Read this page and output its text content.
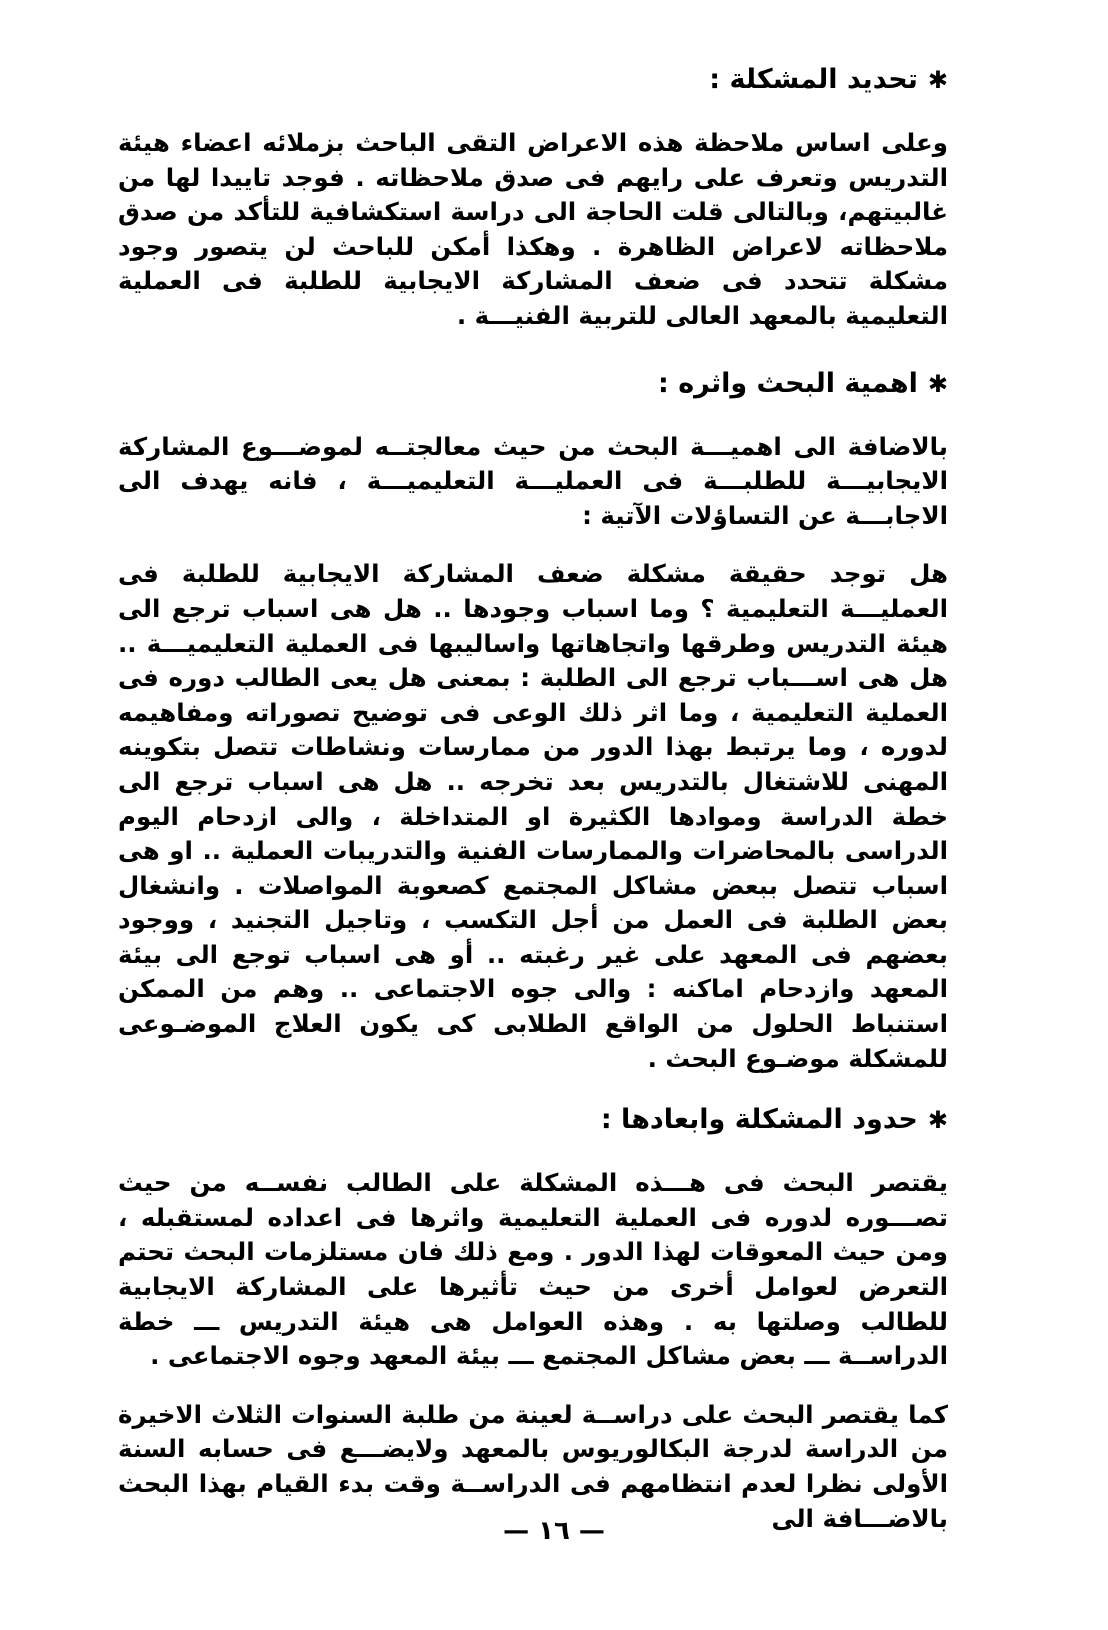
✱
تحديد المشكلة :

وعلى اساس ملاحظة هذه الاعراض التقى الباحث بزملائه اعضاء هيئة التدريس وتعرف على رايهم فى صدق ملاحظاته . فوجد تاييدا لها من غالبيتهم، وبالتالى قلت الحاجة الى دراسة استكشافية للتأكد من صدق ملاحظاته لاعراض الظاهرة . وهكذا أمكن للباحث لن يتصور وجود مشكلة تتحدد فى ضعف المشاركة الايجابية للطلبة فى العملية التعليمية بالمعهد العالى للتربية الفنيـــة .

✱
اهمية البحث واثره :

بالاضافة الى اهميـــة البحث من حيث معالجتــه لموضـــوع المشاركة الايجابيـــة للطلبـــة فى العمليـــة التعليميـــة ، فانه يهدف الى الاجابـــة عن التساؤلات الآتية :

هل توجد حقيقة مشكلة ضعف المشاركة الايجابية للطلبة فى العمليـــة التعليمية ؟ وما اسباب وجودها .. هل هى اسباب ترجع الى هيئة التدريس وطرقها واتجاهاتها واساليبها فى العملية التعليميـــة .. هل هى اســـباب ترجع الى الطلبة : بمعنى هل يعى الطالب دوره فى العملية التعليمية ، وما اثر ذلك الوعى فى توضيح تصوراته ومفاهيمه لدوره ، وما يرتبط بهذا الدور من ممارسات ونشاطات تتصل بتكوينه المهنى للاشتغال بالتدريس بعد تخرجه .. هل هى اسباب ترجع الى خطة الدراسة وموادها الكثيرة او المتداخلة ، والى ازدحام اليوم الدراسى بالمحاضرات والممارسات الفنية والتدريبات العملية .. او هى اسباب تتصل ببعض مشاكل المجتمع كصعوبة المواصلات . وانشغال بعض الطلبة فى العمل من أجل التكسب ، وتاجيل التجنيد ، ووجود بعضهم فى المعهد على غير رغبته .. أو هى اسباب توجع الى بيئة المعهد وازدحام اماكنه : والى جوه الاجتماعى .. وهم من الممكن استنباط الحلول من الواقع الطلابى كى يكون العلاج الموضـوعى للمشكلة موضـوع البحث .

✱
حدود المشكلة وابعادها :

يقتصر البحث فى هـــذه المشكلة على الطالب نفســه من حيث تصـــوره لدوره فى العملية التعليمية واثرها فى اعداده لمستقبله ، ومن حيث المعوقات لهذا الدور . ومع ذلك فان مستلزمات البحث تحتم التعرض لعوامل أخرى من حيث تأثيرها على المشاركة الايجابية للطالب وصلتها به . وهذه العوامل هى هيئة التدريس ـــ خطة الدراســة ـــ بعض مشاكل المجتمع ـــ بيئة المعهد وجوه الاجتماعى .

كما يقتصر البحث على دراســة لعينة من طلبة السنوات الثلاث الاخيرة من الدراسة لدرجة البكالوريوس بالمعهد ولايضـــع فى حسابه السنة الأولى نظرا لعدم انتظامهم فى الدراســة وقت بدء القيام بهذا البحث بالاضـــافة الى

— ١٦ —
